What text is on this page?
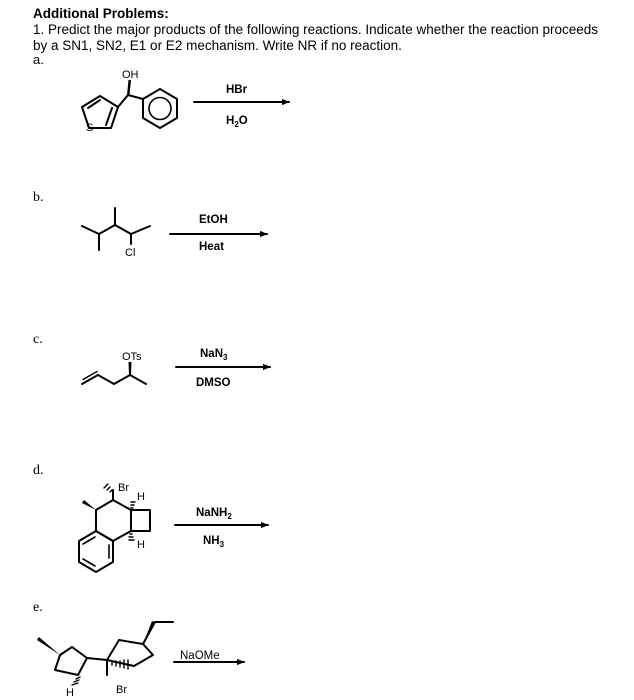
Additional Problems:
1. Predict the major products of the following reactions. Indicate whether the reaction proceeds
by a SN1, SN2, E1 or E2 mechanism. Write NR if no reaction.
a.
b.
c.
d.
e.
OH
S
HBr
$H_2O$
Cl
EtOH
Heat
OTs	NaN$_3$
DMSO
Br
H
H
NaNH$_2$
$NH_3$
H	Br
NaOMe
